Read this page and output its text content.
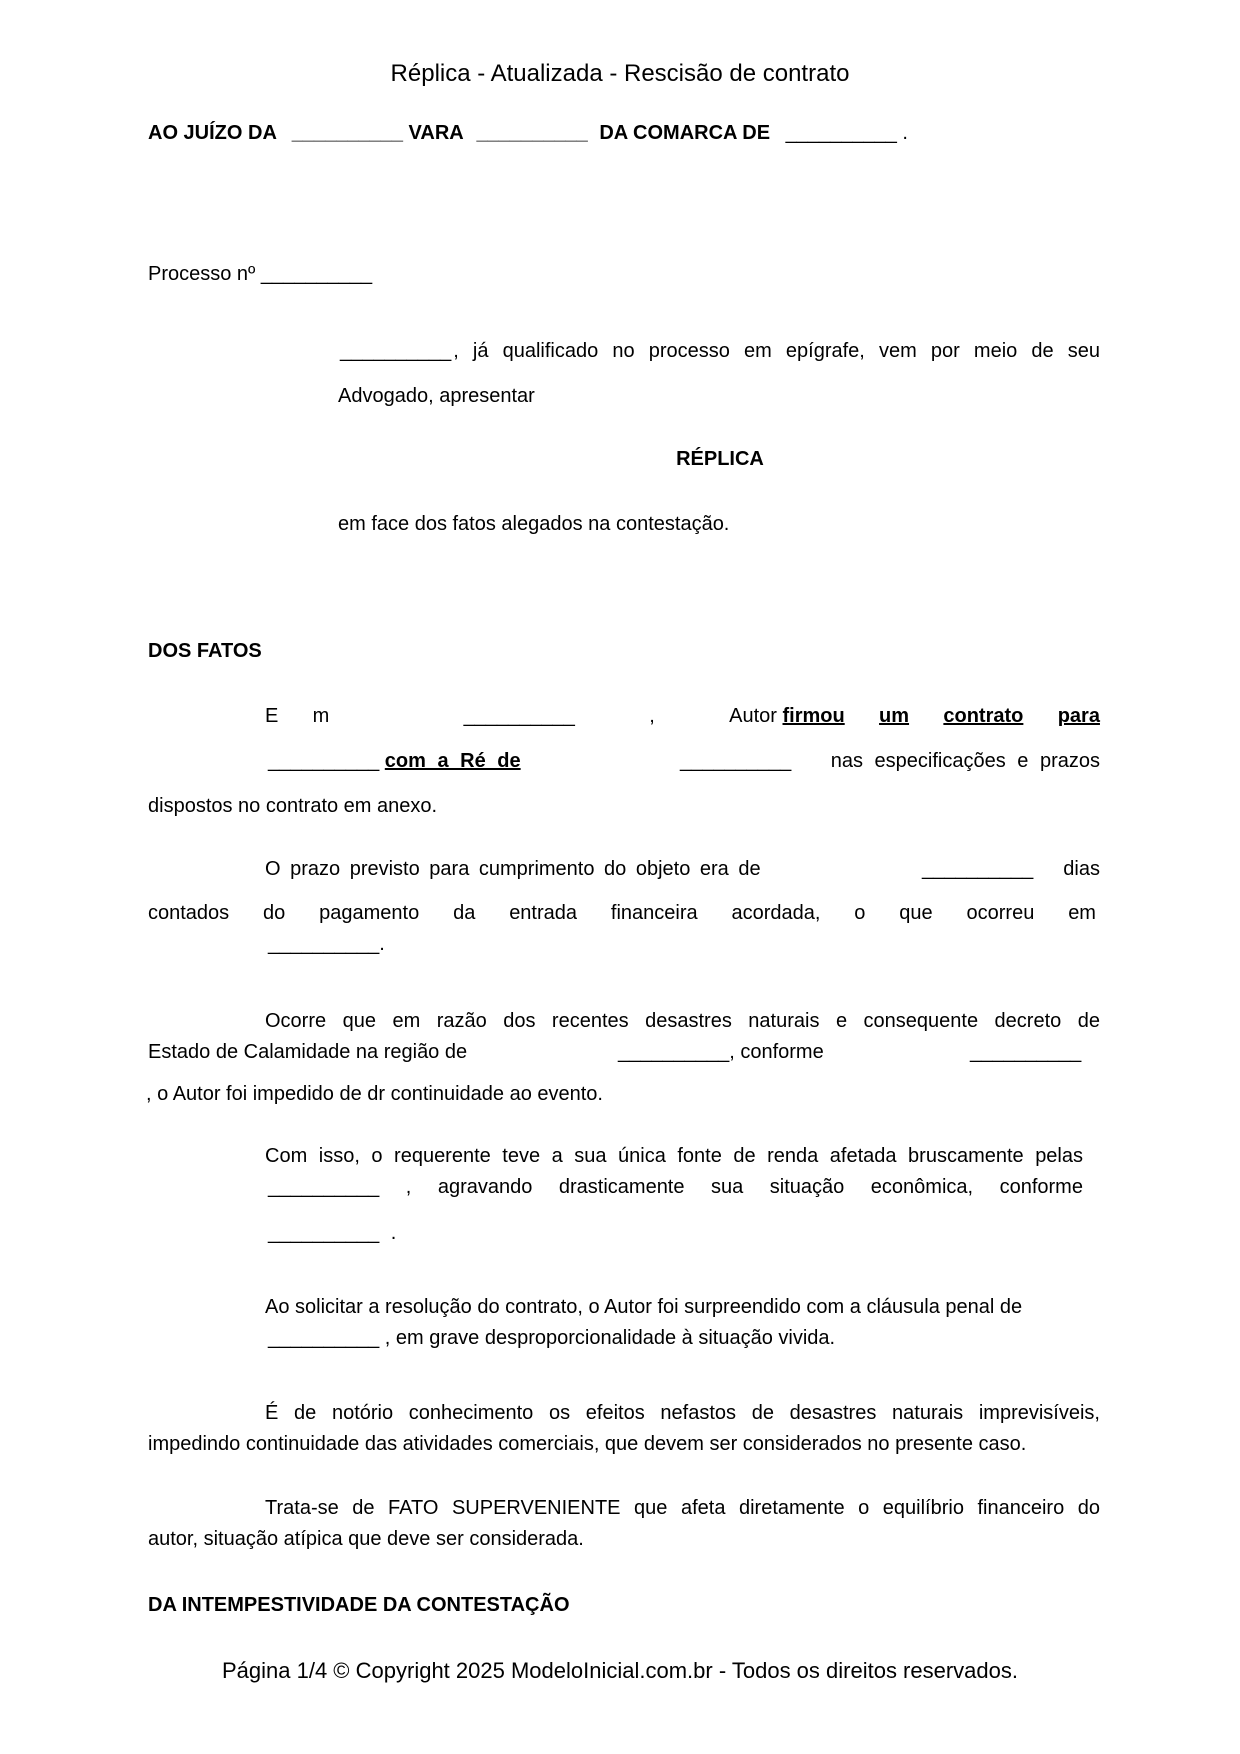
Réplica - Atualizada - Rescisão de contrato
AO JUÍZO DA __________ VARA __________ DA COMARCA DE __________ .
Processo nº __________
__________ , já qualificado no processo em epígrafe, vem por meio de seu
Advogado, apresentar
RÉPLICA
em face dos fatos alegados na contestação.
DOS FATOS
E m	__________	,	Autor firmou um contrato para
__________ com a Ré de	__________ nas especificações e prazos
dispostos no contrato em anexo.
O prazo previsto para cumprimento do objeto era de	__________ dias
contados do pagamento da entrada financeira acordada, o que ocorreu em
__________.
Ocorre que em razão dos recentes desastres naturais e consequente decreto de
Estado de Calamidade na região de	__________, conforme	__________
, o Autor foi impedido de dr continuidade ao evento.
Com isso, o requerente teve a sua única fonte de renda afetada bruscamente pelas
__________ , agravando drasticamente sua situação econômica, conforme
__________ .
Ao solicitar a resolução do contrato, o Autor foi surpreendido com a cláusula penal de
__________ , em grave desproporcionalidade à situação vivida.
É de notório conhecimento os efeitos nefastos de desastres naturais imprevisíveis,
impedindo continuidade das atividades comerciais, que devem ser considerados no presente caso.
Trata-se de FATO SUPERVENIENTE que afeta diretamente o equilíbrio financeiro do
autor, situação atípica que deve ser considerada.
DA INTEMPESTIVIDADE DA CONTESTAÇÃO
Página 1/4 © Copyright 2025 ModeloInicial.com.br - Todos os direitos reservados.
